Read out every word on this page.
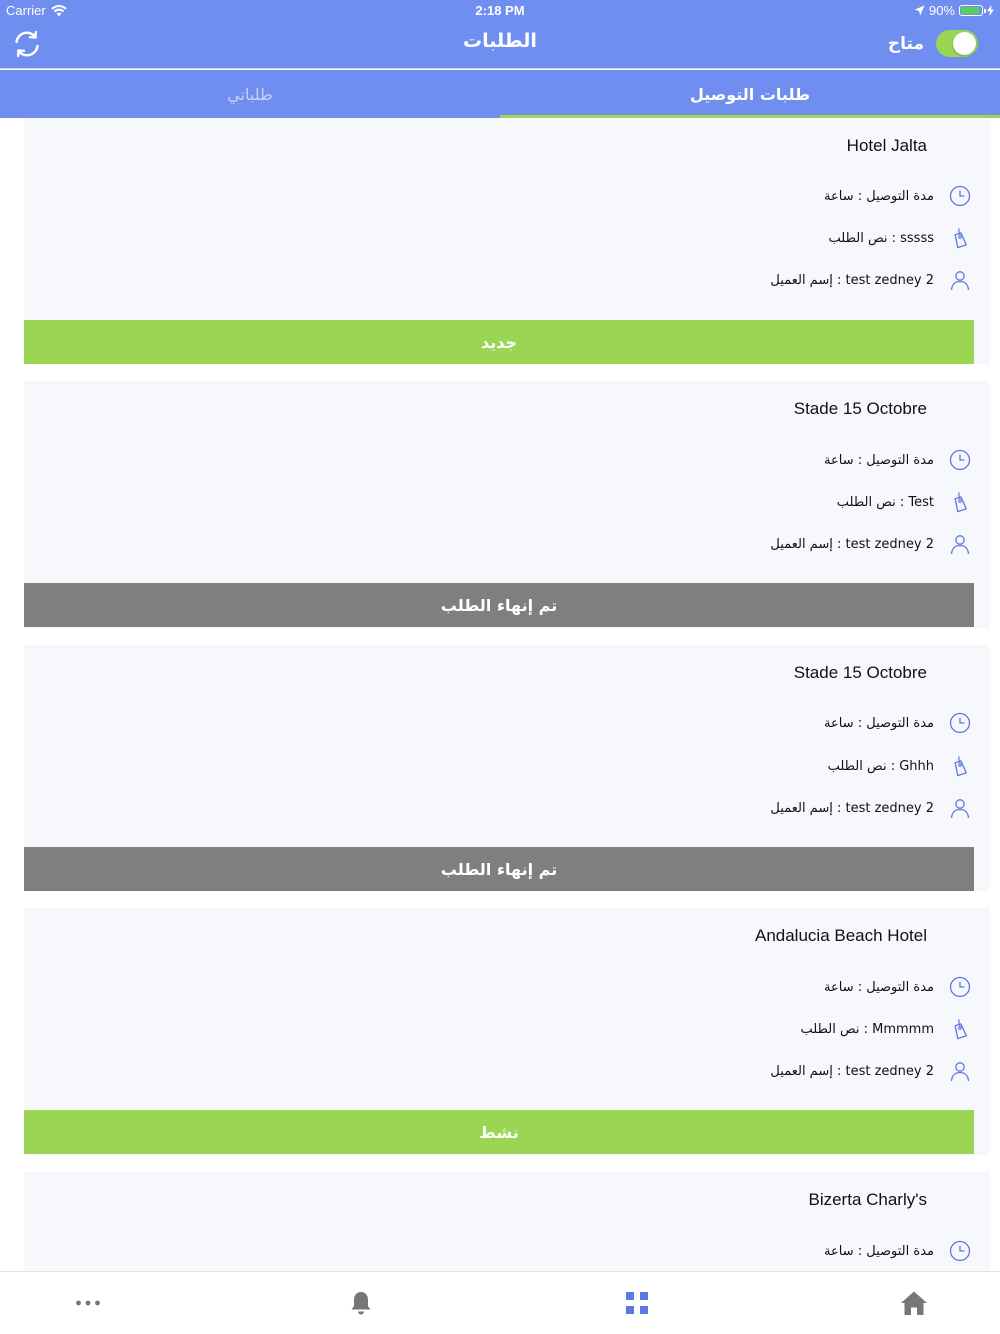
Carrier	2:18 PM	90%
الطلبات	متاح
طلباتي	طلبات التوصيل
Hotel Jalta
مدة التوصيل : ساعة
نص الطلب : sssss
إسم العميل : test zedney 2
جديد
Stade 15 Octobre
مدة التوصيل : ساعة
نص الطلب : Test
إسم العميل : test zedney 2
تم إنهاء الطلب
Stade 15 Octobre
مدة التوصيل : ساعة
نص الطلب : Ghhh
إسم العميل : test zedney 2
تم إنهاء الطلب
Andalucia Beach Hotel
مدة التوصيل : ساعة
نص الطلب : Mmmmm
إسم العميل : test zedney 2
نشط
Bizerta Charly's
مدة التوصيل : ساعة
